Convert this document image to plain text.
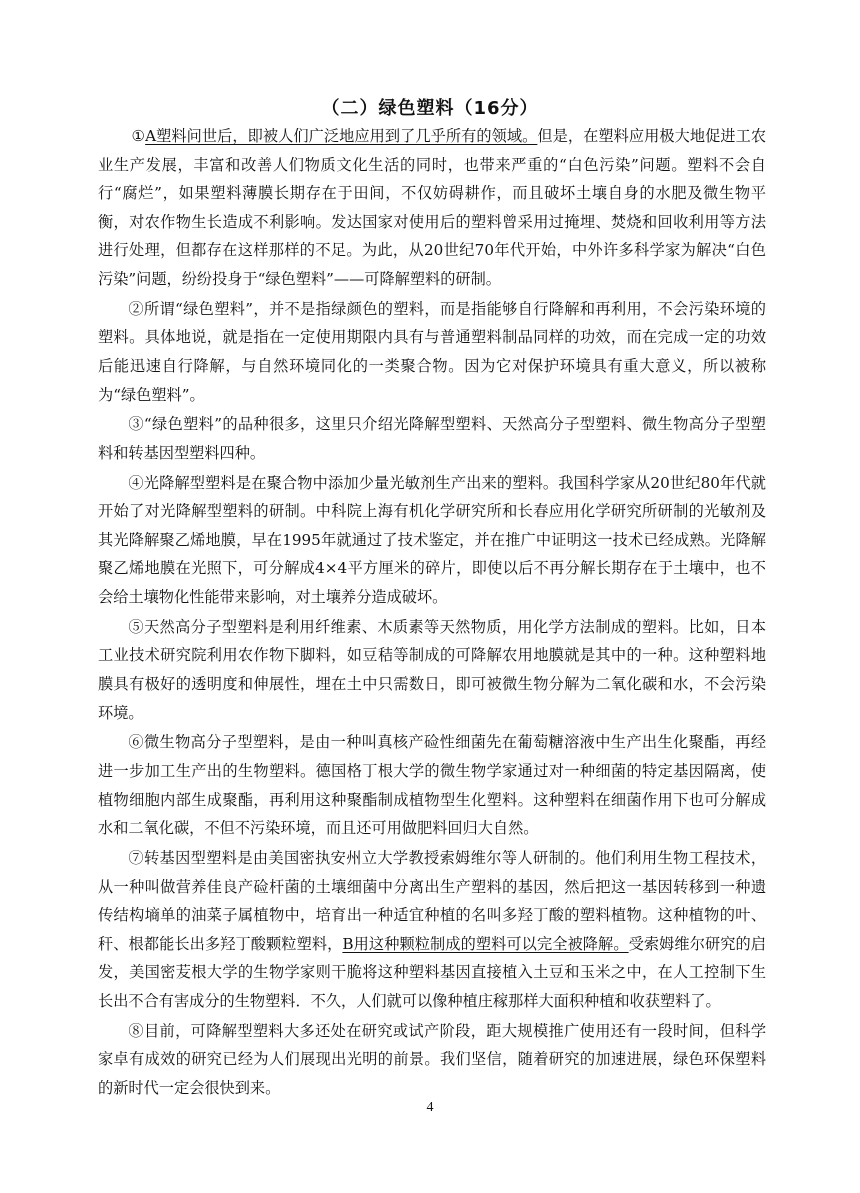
（二）绿色塑料（16分）

①A塑料问世后，即被人们广泛地应用到了几乎所有的领域。但是，在塑料应用极大地促进工农业生产发展，丰富和改善人们物质文化生活的同时，也带来严重的“白色污染”问题。塑料不会自行“腐烂”，如果塑料薄膜长期存在于田间，不仅妨碍耕作，而且破坏土壤自身的水肥及微生物平衡，对农作物生长造成不利影响。发达国家对使用后的塑料曾采用过掩埋、焚烧和回收利用等方法进行处理，但都存在这样那样的不足。为此，从20世纪70年代开始，中外许多科学家为解决“白色污染”问题，纷纷投身于“绿色塑料”——可降解塑料的研制。

②所谓“绿色塑料”，并不是指绿颜色的塑料，而是指能够自行降解和再利用，不会污染环境的塑料。具体地说，就是指在一定使用期限内具有与普通塑料制品同样的功效，而在完成一定的功效后能迅速自行降解，与自然环境同化的一类聚合物。因为它对保护环境具有重大意义，所以被称为“绿色塑料”。

③“绿色塑料”的品种很多，这里只介绍光降解型塑料、天然高分子型塑料、微生物高分子型塑料和转基因型塑料四种。

④光降解型塑料是在聚合物中添加少量光敏剂生产出来的塑料。我国科学家从20世纪80年代就开始了对光降解型塑料的研制。中科院上海有机化学研究所和长春应用化学研究所研制的光敏剂及其光降解聚乙烯地膜，早在1995年就通过了技术鉴定，并在推广中证明这一技术已经成熟。光降解聚乙烯地膜在光照下，可分解成4×4平方厘米的碎片，即使以后不再分解长期存在于土壤中，也不会给土壤物化性能带来影响，对土壤养分造成破坏。

⑤天然高分子型塑料是利用纤维素、木质素等天然物质，用化学方法制成的塑料。比如，日本工业技术研究院利用农作物下脚料，如豆秸等制成的可降解农用地膜就是其中的一种。这种塑料地膜具有极好的透明度和伸展性，埋在土中只需数日，即可被微生物分解为二氧化碳和水，不会污染环境。

⑥微生物高分子型塑料，是由一种叫真核产硷性细菌先在葡萄糖溶液中生产出生化聚酯，再经进一步加工生产出的生物塑料。德国格丁根大学的微生物学家通过对一种细菌的特定基因隔离，使植物细胞内部生成聚酯，再利用这种聚酯制成植物型生化塑料。这种塑料在细菌作用下也可分解成水和二氧化碳，不但不污染环境，而且还可用做肥料回归大自然。

⑦转基因型塑料是由美国密执安州立大学教授索姆维尔等人研制的。他们利用生物工程技术，从一种叫做营养佳良产硷杆菌的土壤细菌中分离出生产塑料的基因，然后把这一基因转移到一种遗传结构墒单的油菜子属植物中，培育出一种适宜种植的名叫多羟丁酸的塑料植物。这种植物的叶、秆、根都能长出多羟丁酸颗粒塑料，B用这种颗粒制成的塑料可以完全被降解。受索姆维尔研究的启发，美国密苃根大学的生物学家则干脆将这种塑料基因直接植入土豆和玉米之中，在人工控制下生长出不合有害成分的生物塑料．不久，人们就可以像种植庄稼那样大面积种植和收获塑料了。

⑧目前，可降解型塑料大多还处在研究或试产阶段，距大规模推广使用还有一段时间，但科学家卓有成效的研究已经为人们展现出光明的前景。我们坚信，随着研究的加速进展，绿色环保塑料的新时代一定会很快到来。

4
